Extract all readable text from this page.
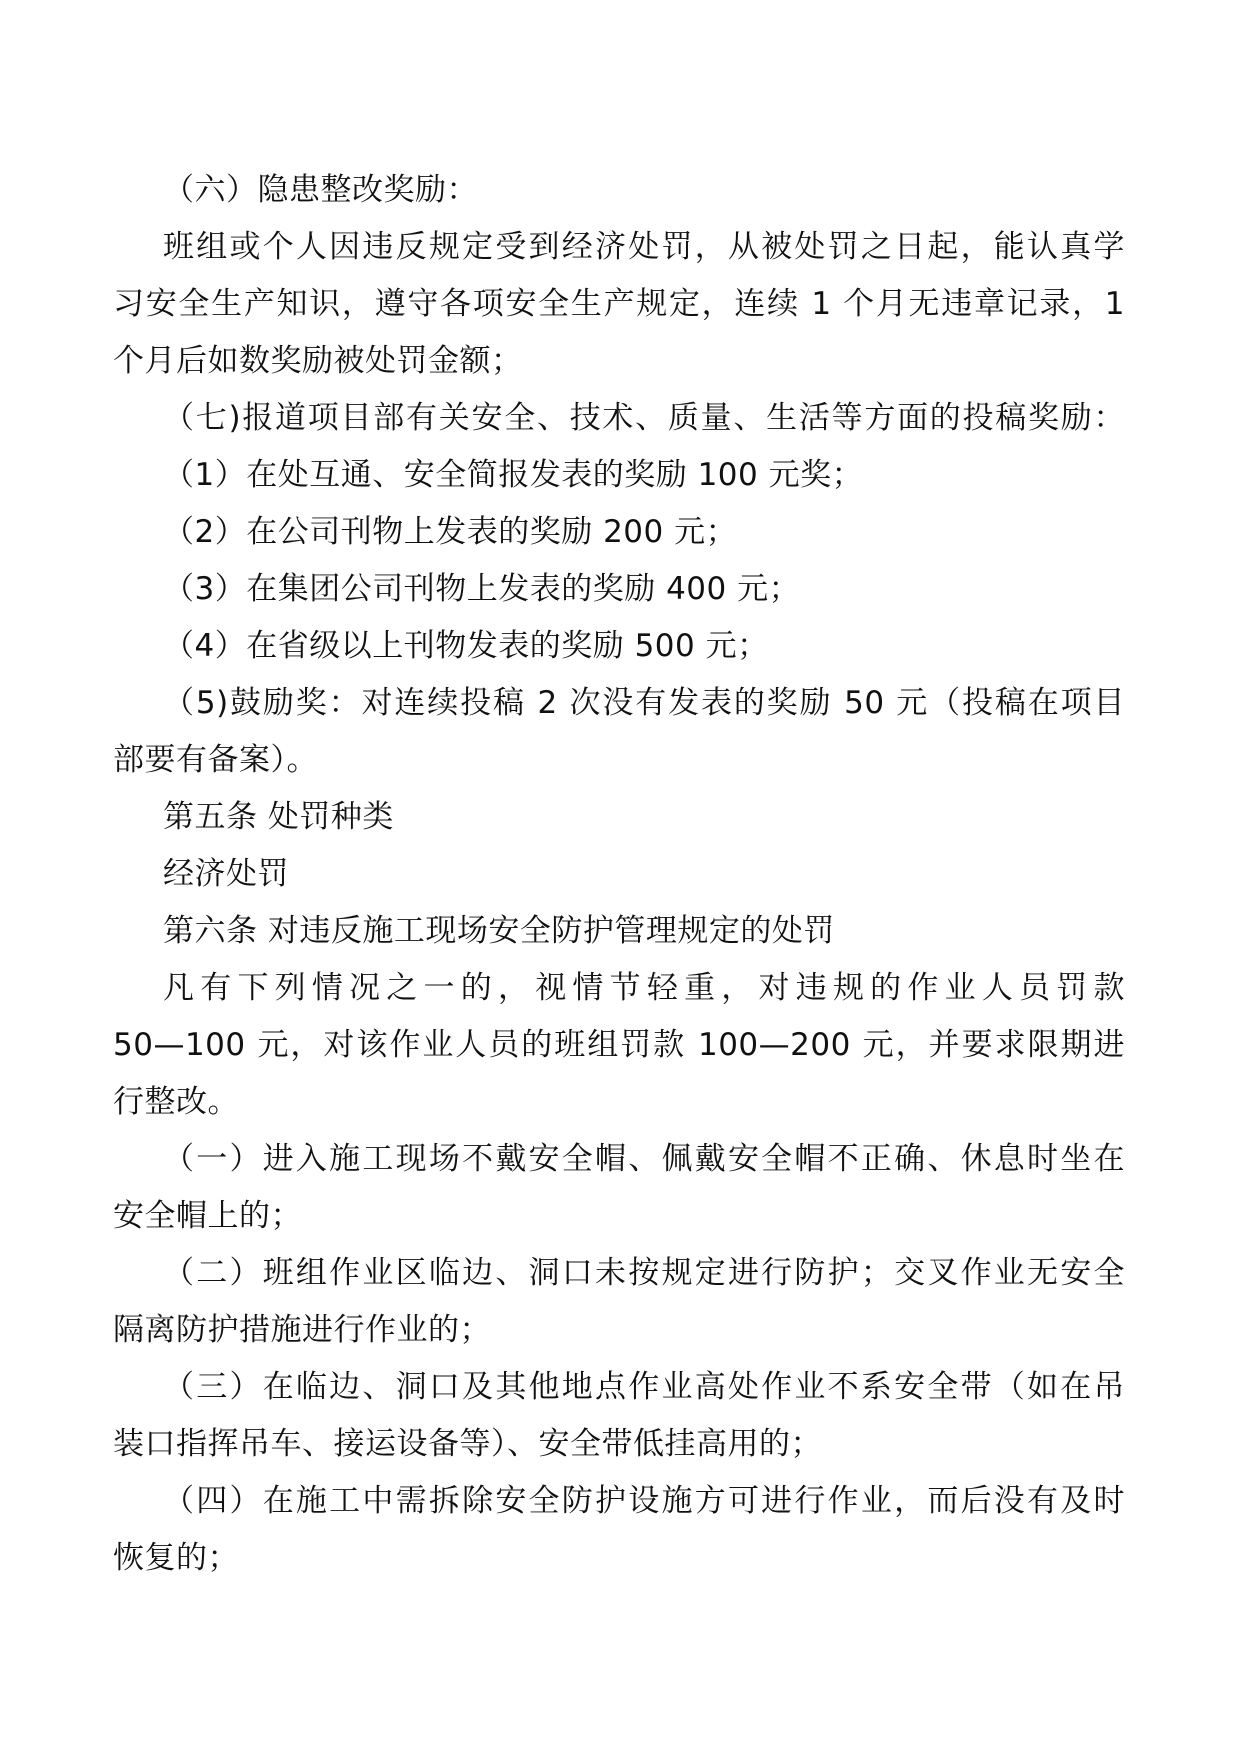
（六）隐患整改奖励：
班组或个人因违反规定受到经济处罚，从被处罚之日起，能认真学
习安全生产知识，遵守各项安全生产规定，连续 1 个月无违章记录，1
个月后如数奖励被处罚金额；
（七)报道项目部有关安全、技术、质量、生活等方面的投稿奖励：
（1）在处互通、安全简报发表的奖励 100 元奖；
（2）在公司刊物上发表的奖励 200 元；
（3）在集团公司刊物上发表的奖励 400 元；
（4）在省级以上刊物发表的奖励 500 元；
（5)鼓励奖：对连续投稿 2 次没有发表的奖励 50 元（投稿在项目
部要有备案）。
第五条 处罚种类
经济处罚
第六条 对违反施工现场安全防护管理规定的处罚
凡有下列情况之一的，视情节轻重，对违规的作业人员罚款
50—100 元，对该作业人员的班组罚款 100—200 元，并要求限期进
行整改。
（一）进入施工现场不戴安全帽、佩戴安全帽不正确、休息时坐在
安全帽上的；
（二）班组作业区临边、洞口未按规定进行防护；交叉作业无安全
隔离防护措施进行作业的；
（三）在临边、洞口及其他地点作业高处作业不系安全带（如在吊
装口指挥吊车、接运设备等）、安全带低挂高用的；
（四）在施工中需拆除安全防护设施方可进行作业，而后没有及时
恢复的；
